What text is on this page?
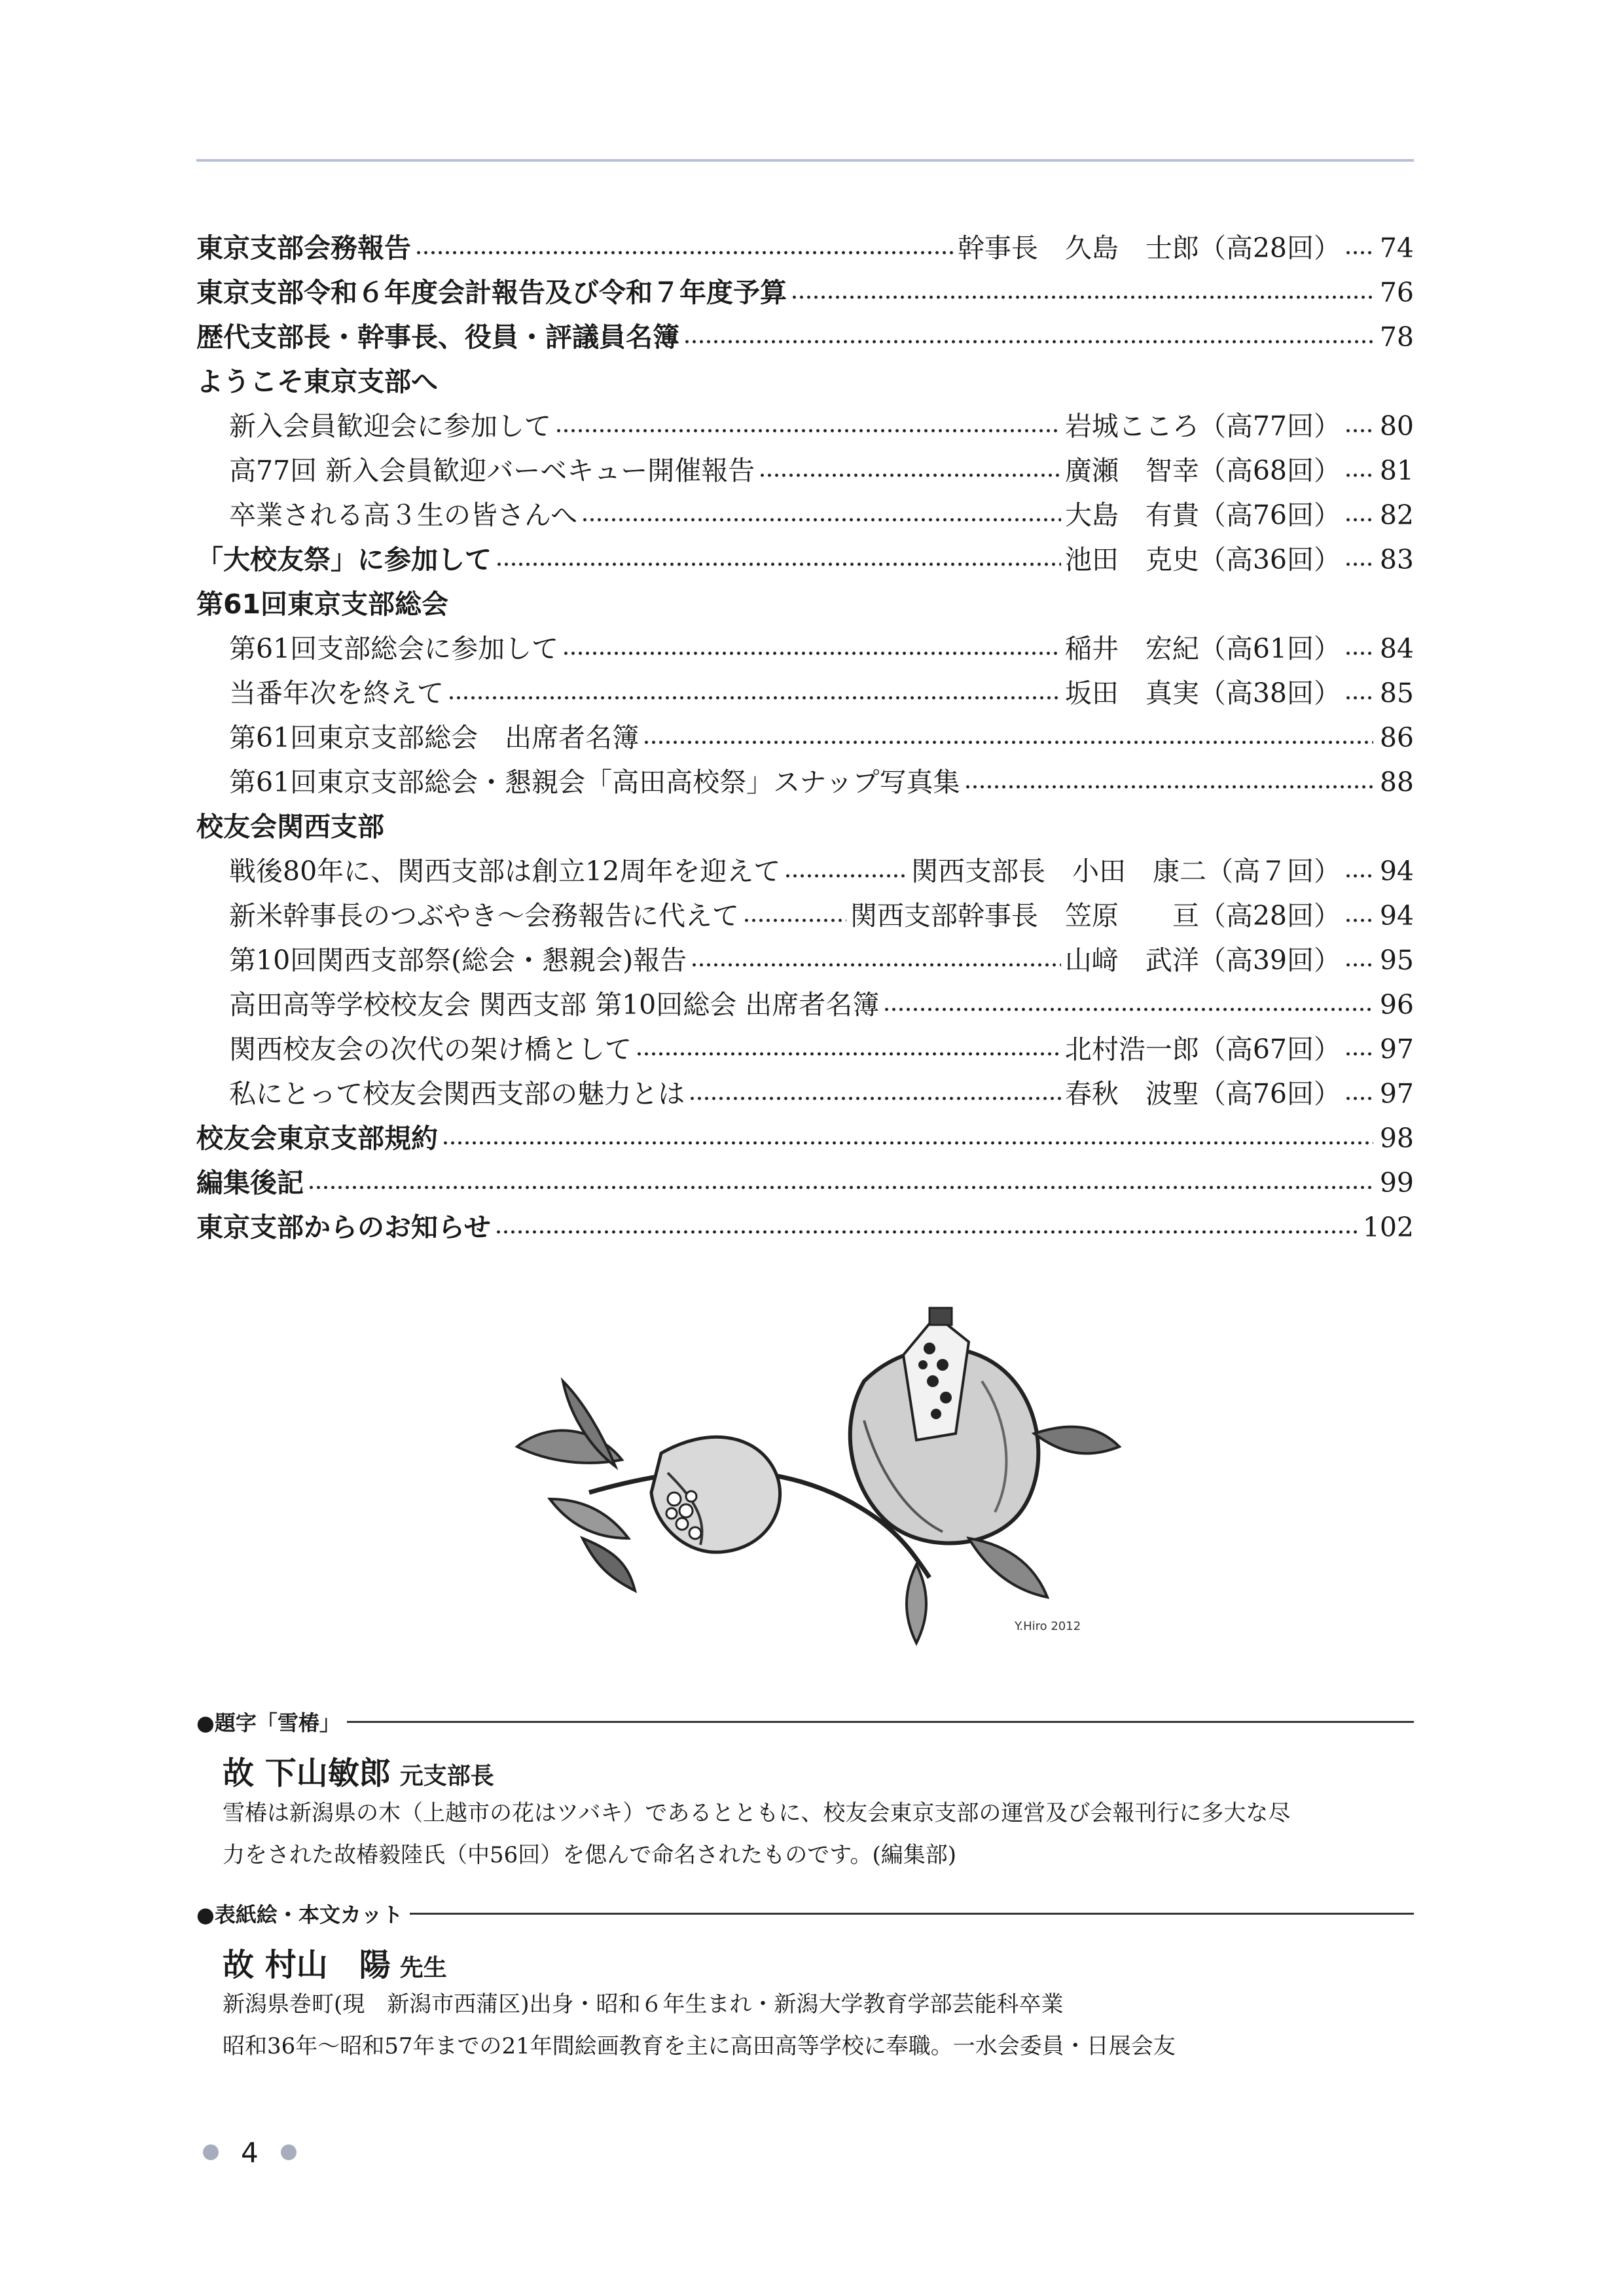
東京支部会務報告	幹事長　久島　士郎（高28回） 74
東京支部令和６年度会計報告及び令和７年度予算	76
歴代支部長・幹事長、役員・評議員名簿	78
ようこそ東京支部へ
新入会員歓迎会に参加して	岩城こころ（高77回） 80
高77回 新入会員歓迎バーベキュー開催報告	廣瀬　智幸（高68回） 81
卒業される高３生の皆さんへ	大島　有貴（高76回） 82
「大校友祭」に参加して	池田　克史（高36回） 83
第61回東京支部総会
第61回支部総会に参加して	稲井　宏紀（高61回） 84
当番年次を終えて	坂田　真実（高38回） 85
第61回東京支部総会　出席者名簿	86
第61回東京支部総会・懇親会「高田高校祭」スナップ写真集	88
校友会関西支部
戦後80年に、関西支部は創立12周年を迎えて	関西支部長　小田　康二（高７回） 94
新米幹事長のつぶやき～会務報告に代えて	関西支部幹事長　笠原　　亘（高28回） 94
第10回関西支部祭(総会・懇親会)報告	山﨑　武洋（高39回） 95
高田高等学校校友会 関西支部 第10回総会 出席者名簿	96
関西校友会の次代の架け橋として	北村浩一郎（高67回） 97
私にとって校友会関西支部の魅力とは	春秋　波聖（高76回） 97
校友会東京支部規約	98
編集後記	99
東京支部からのお知らせ	102
Y.Hiro 2012
●題字「雪椿」
故 下山敏郎 元支部長
雪椿は新潟県の木（上越市の花はツバキ）であるとともに、校友会東京支部の運営及び会報刊行に多大な尽
力をされた故椿毅陸氏（中56回）を偲んで命名されたものです。(編集部)
●表紙絵・本文カット
故 村山　陽 先生
新潟県巻町(現　新潟市西蒲区)出身・昭和６年生まれ・新潟大学教育学部芸能科卒業
昭和36年～昭和57年までの21年間絵画教育を主に高田高等学校に奉職。一水会委員・日展会友
4
